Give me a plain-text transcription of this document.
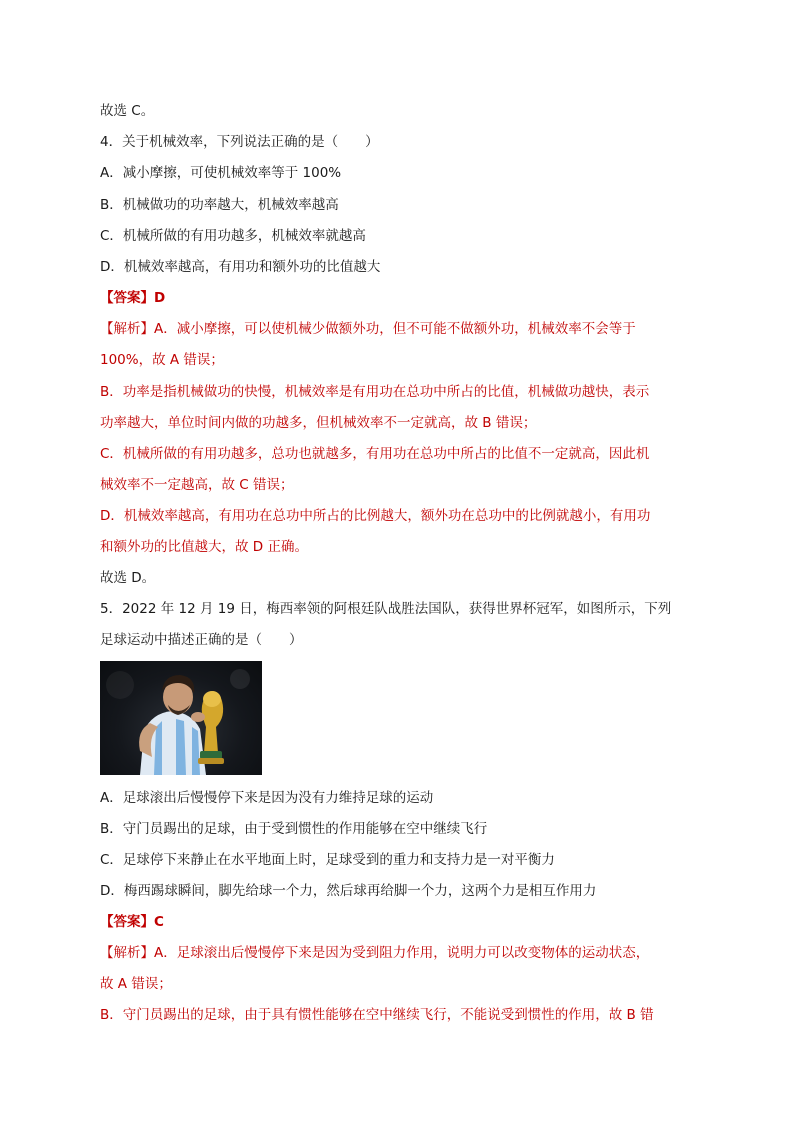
故选 C。
4．关于机械效率，下列说法正确的是（　　）
A．减小摩擦，可使机械效率等于 100%
B．机械做功的功率越大，机械效率越高
C．机械所做的有用功越多，机械效率就越高
D．机械效率越高，有用功和额外功的比值越大
【答案】D
【解析】A．减小摩擦，可以使机械少做额外功，但不可能不做额外功，机械效率不会等于
100%，故 A 错误；
B．功率是指机械做功的快慢，机械效率是有用功在总功中所占的比值，机械做功越快，表示
功率越大，单位时间内做的功越多，但机械效率不一定就高，故 B 错误；
C．机械所做的有用功越多，总功也就越多，有用功在总功中所占的比值不一定就高，因此机
械效率不一定越高，故 C 错误；
D．机械效率越高，有用功在总功中所占的比例越大，额外功在总功中的比例就越小，有用功
和额外功的比值越大，故 D 正确。
故选 D。
5．2022 年 12 月 19 日，梅西率领的阿根廷队战胜法国队，获得世界杯冠军，如图所示，下列
足球运动中描述正确的是（　　）
A．足球滚出后慢慢停下来是因为没有力维持足球的运动
B．守门员踢出的足球，由于受到惯性的作用能够在空中继续飞行
C．足球停下来静止在水平地面上时，足球受到的重力和支持力是一对平衡力
D．梅西踢球瞬间，脚先给球一个力，然后球再给脚一个力，这两个力是相互作用力
【答案】C
【解析】A．足球滚出后慢慢停下来是因为受到阻力作用，说明力可以改变物体的运动状态，
故 A 错误；
B．守门员踢出的足球，由于具有惯性能够在空中继续飞行，不能说受到惯性的作用，故 B 错
